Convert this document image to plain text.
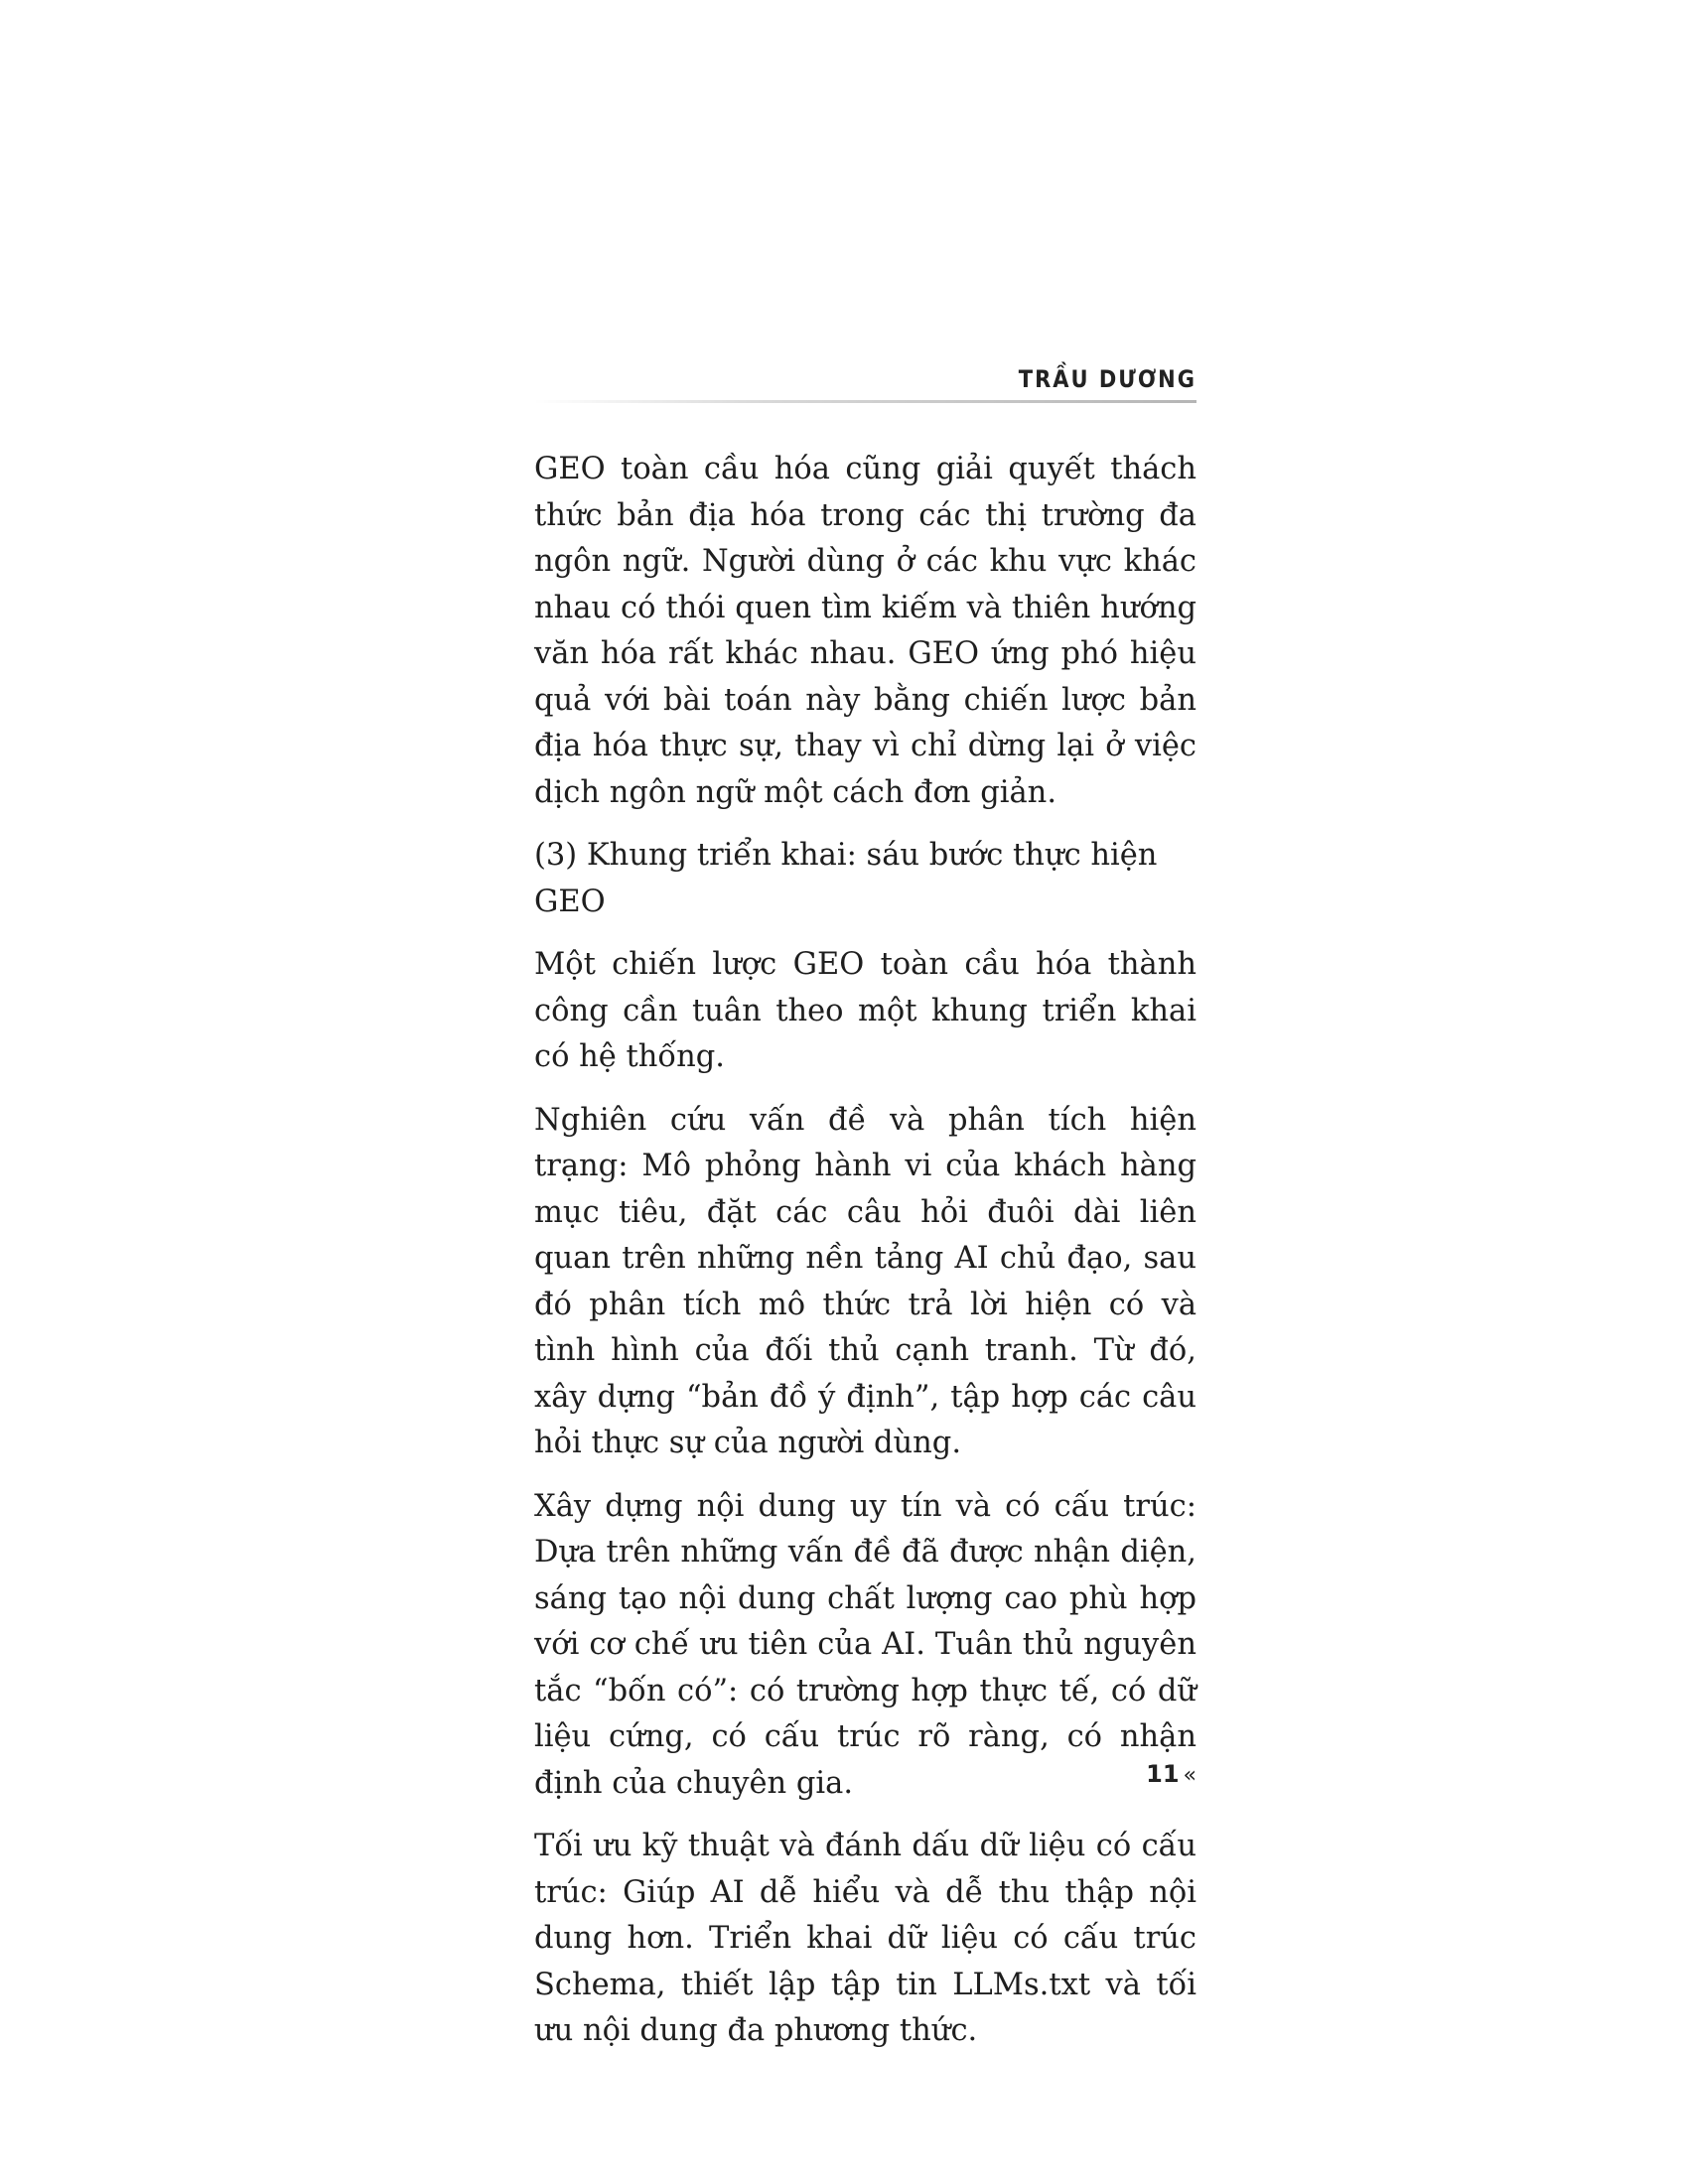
TRẦU DƯƠNG

GEO toàn cầu hóa cũng giải quyết thách thức bản địa hóa trong các thị trường đa ngôn ngữ. Người dùng ở các khu vực khác nhau có thói quen tìm kiếm và thiên hướng văn hóa rất khác nhau. GEO ứng phó hiệu quả với bài toán này bằng chiến lược bản địa hóa thực sự, thay vì chỉ dừng lại ở việc dịch ngôn ngữ một cách đơn giản.

(3) Khung triển khai: sáu bước thực hiện GEO

Một chiến lược GEO toàn cầu hóa thành công cần tuân theo một khung triển khai có hệ thống.

Nghiên cứu vấn đề và phân tích hiện trạng: Mô phỏng hành vi của khách hàng mục tiêu, đặt các câu hỏi đuôi dài liên quan trên những nền tảng AI chủ đạo, sau đó phân tích mô thức trả lời hiện có và tình hình của đối thủ cạnh tranh. Từ đó, xây dựng “bản đồ ý định”, tập hợp các câu hỏi thực sự của người dùng.

Xây dựng nội dung uy tín và có cấu trúc: Dựa trên những vấn đề đã được nhận diện, sáng tạo nội dung chất lượng cao phù hợp với cơ chế ưu tiên của AI. Tuân thủ nguyên tắc “bốn có”: có trường hợp thực tế, có dữ liệu cứng, có cấu trúc rõ ràng, có nhận định của chuyên gia.

Tối ưu kỹ thuật và đánh dấu dữ liệu có cấu trúc: Giúp AI dễ hiểu và dễ thu thập nội dung hơn. Triển khai dữ liệu có cấu trúc Schema, thiết lập tập tin LLMs.txt và tối ưu nội dung đa phương thức.

11 «
